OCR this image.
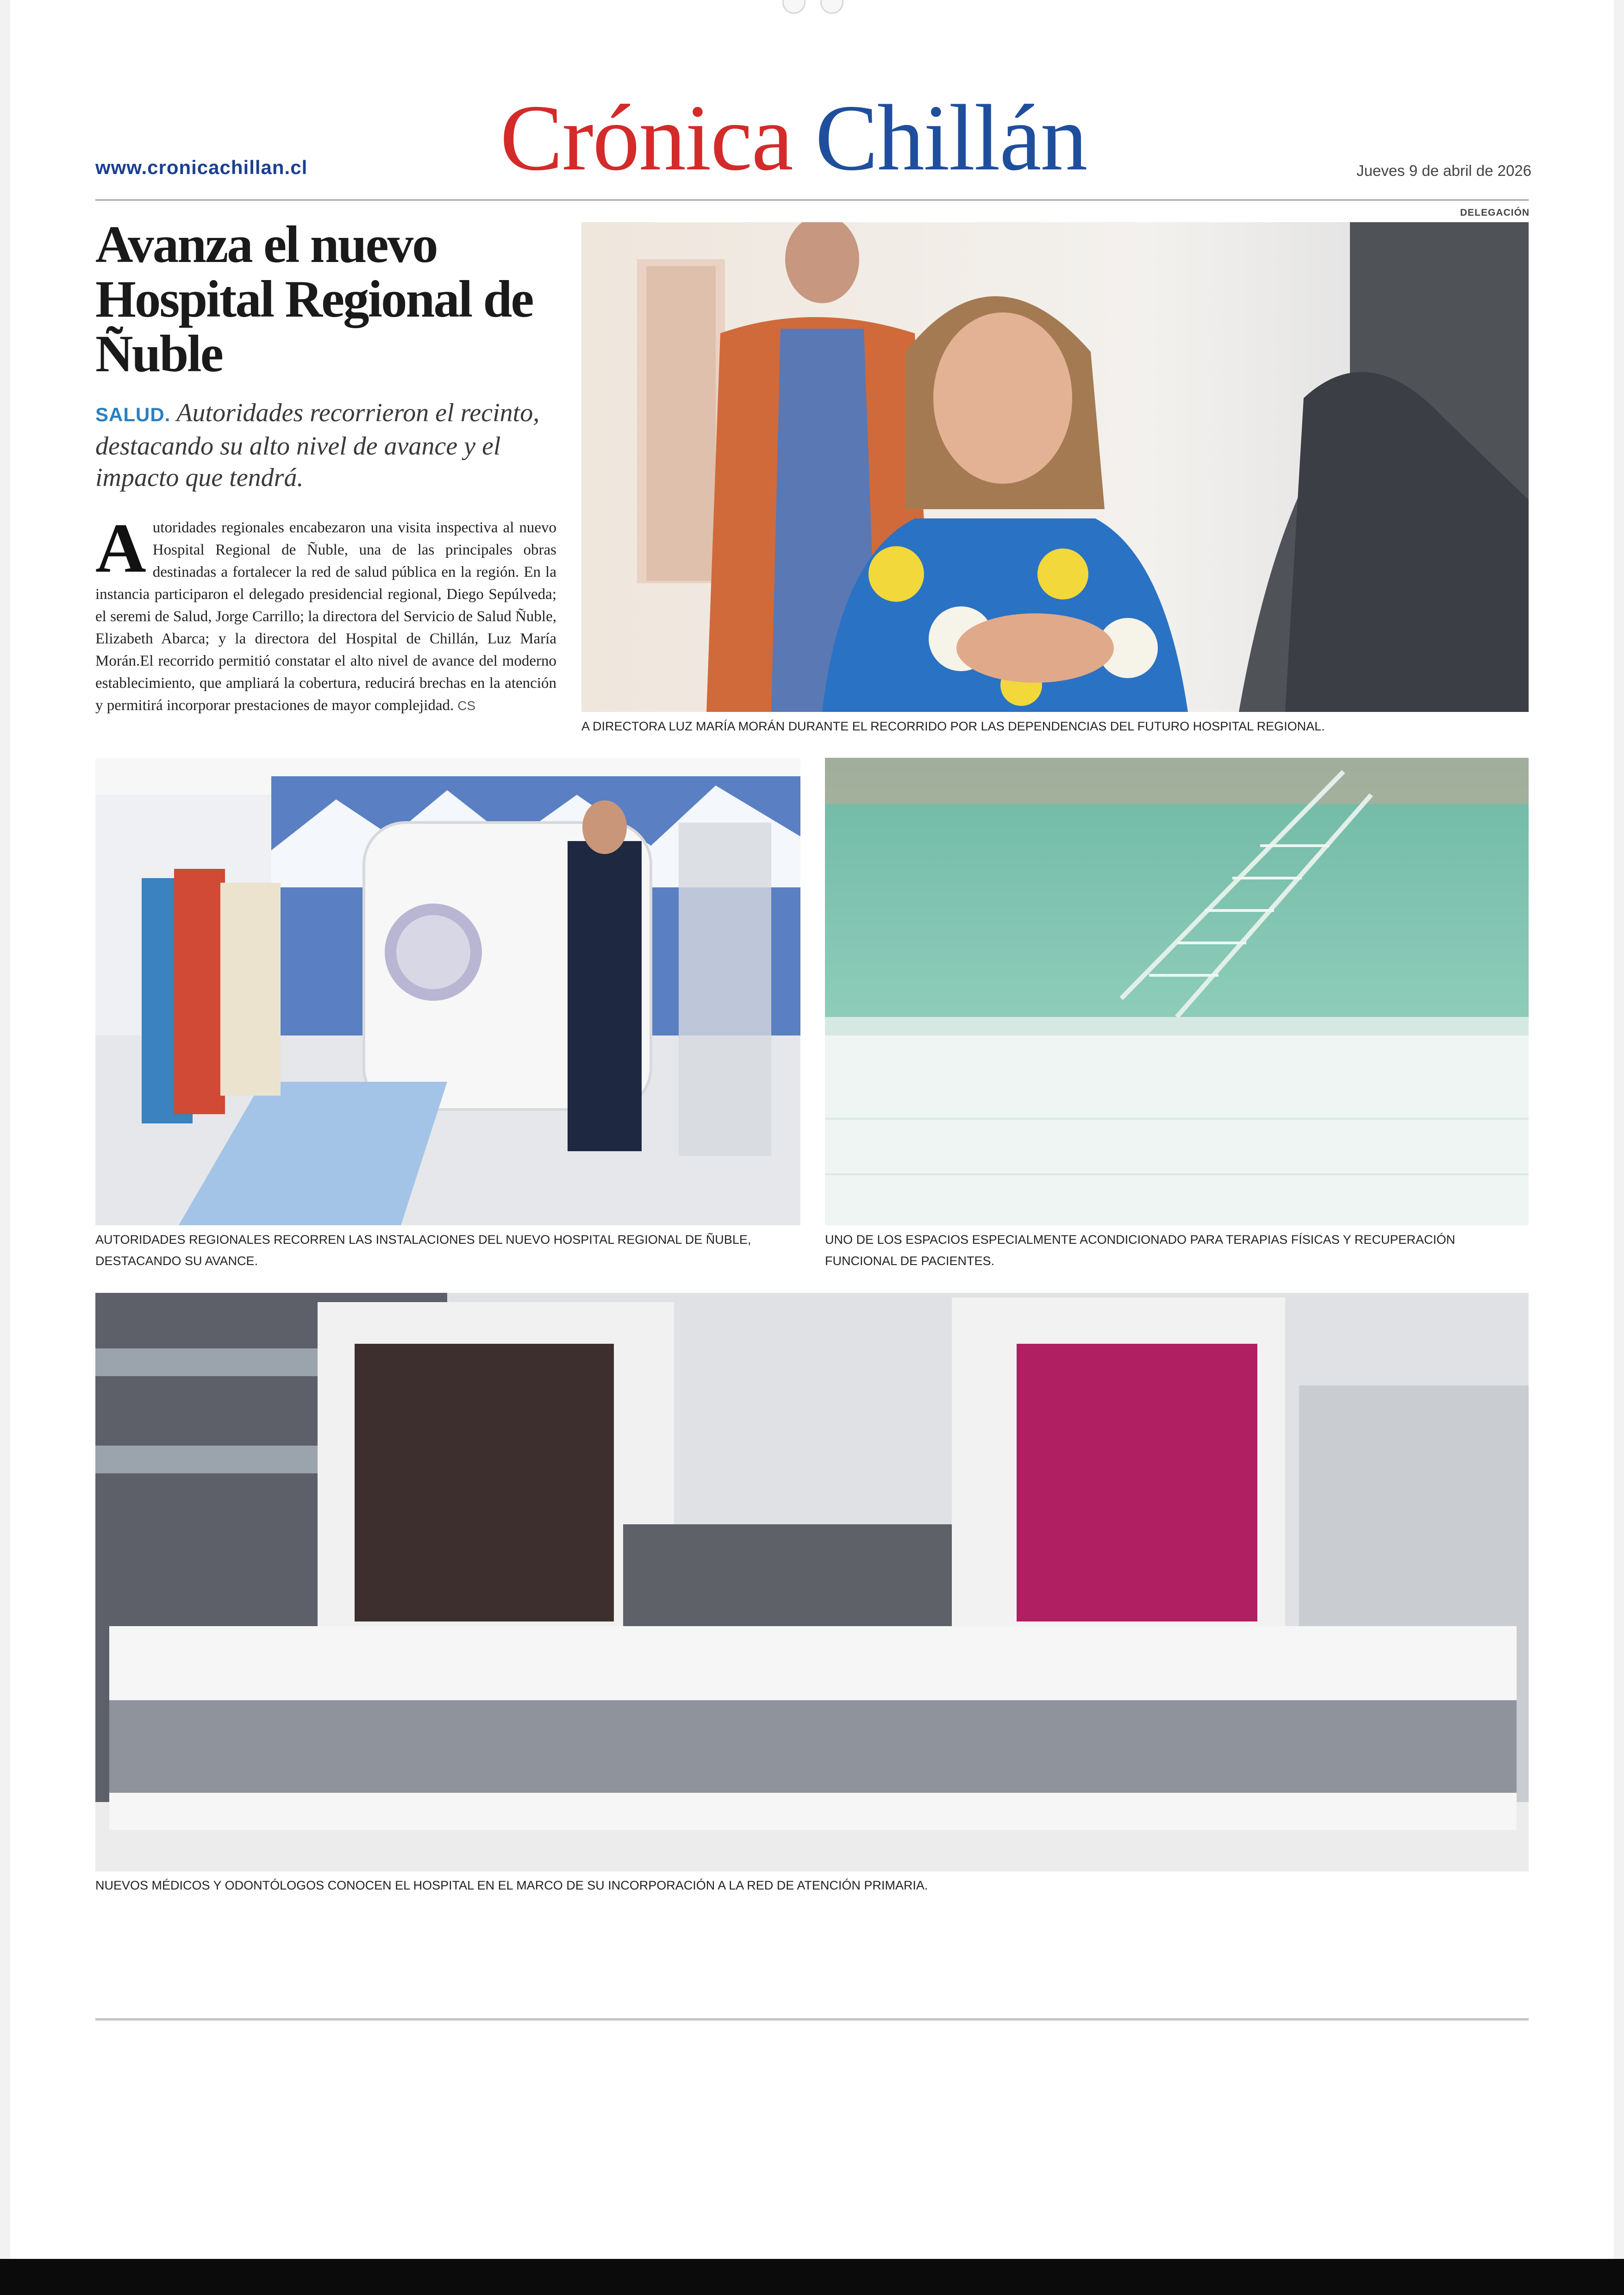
www.cronicachillan.cl Crónica Chillán	Jueves 9 de abril de 2026
DELEGACIÓN
Avanza el nuevo Hospital Regional de Ñuble
SALUD. Autoridades recorrieron el recinto, destacando su alto nivel de avance y el impacto que tendrá.
Autoridades regionales encabezaron una visita inspectiva al nuevo Hospital Regional de Ñuble, una de las principales obras destinadas a fortalecer la red de salud pública en la región. En la instancia participaron el delegado presidencial regional, Diego Sepúlveda; el seremi de Salud, Jorge Carrillo; la directora del Servicio de Salud Ñuble, Elizabeth Abarca; y la directora del Hospital de Chillán, Luz María Morán.El recorrido permitió constatar el alto nivel de avance del moderno establecimiento, que ampliará la cobertura, reducirá brechas en la atención y permitirá incorporar prestaciones de mayor complejidad. CS
A DIRECTORA LUZ MARÍA MORÁN DURANTE EL RECORRIDO POR LAS DEPENDENCIAS DEL FUTURO HOSPITAL REGIONAL.
AUTORIDADES REGIONALES RECORREN LAS INSTALACIONES DEL NUEVO HOSPITAL REGIONAL DE ÑUBLE, DESTACANDO SU AVANCE.
UNO DE LOS ESPACIOS ESPECIALMENTE ACONDICIONADO PARA TERAPIAS FÍSICAS Y RECUPERACIÓN FUNCIONAL DE PACIENTES.
NUEVOS MÉDICOS Y ODONTÓLOGOS CONOCEN EL HOSPITAL EN EL MARCO DE SU INCORPORACIÓN A LA RED DE ATENCIÓN PRIMARIA.
